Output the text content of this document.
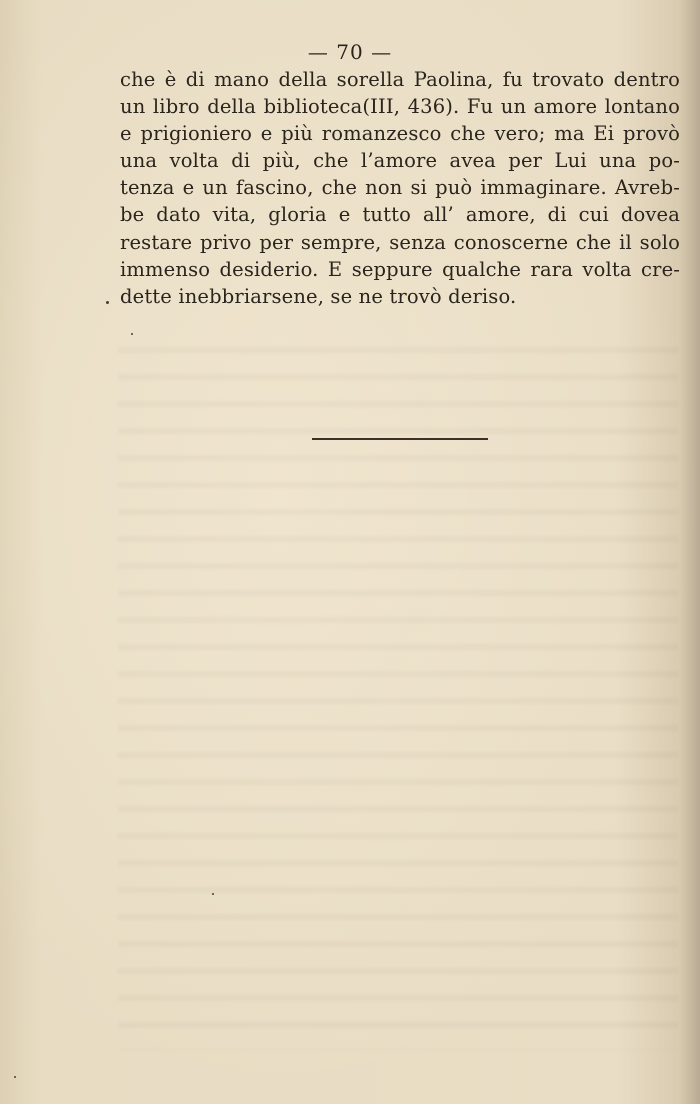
— 70 —
che è di mano della sorella Paolina, fu trovato dentro
un libro della biblioteca(III, 436). Fu un amore lontano
e prigioniero e più romanzesco che vero; ma Ei provò
una volta di più, che l’amore avea per Lui una po-
tenza e un fascino, che non si può immaginare. Avreb-
be dato vita, gloria e tutto all’ amore, di cui dovea
restare privo per sempre, senza conoscerne che il solo
immenso desiderio. E seppure qualche rara volta cre-
dette inebbriarsene, se ne trovò deriso.
